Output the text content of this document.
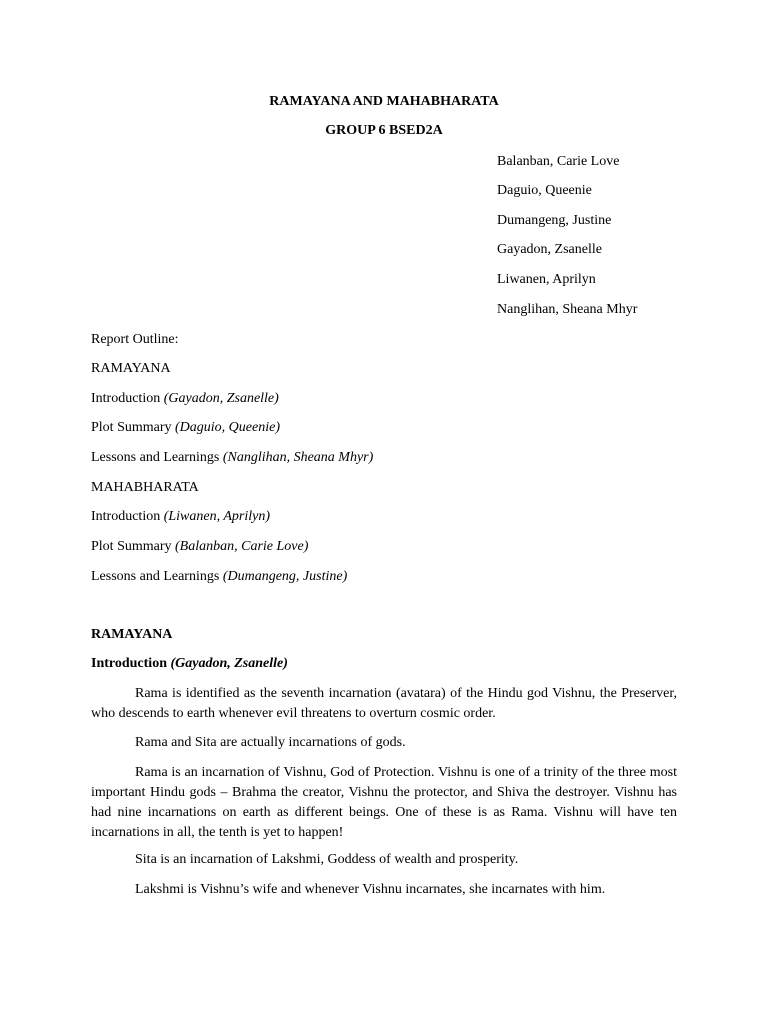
RAMAYANA AND MAHABHARATA
GROUP 6 BSED2A
Balanban, Carie Love
Daguio, Queenie
Dumangeng, Justine
Gayadon, Zsanelle
Liwanen, Aprilyn
Nanglihan, Sheana Mhyr
Report Outline:
RAMAYANA
Introduction (Gayadon, Zsanelle)
Plot Summary (Daguio, Queenie)
Lessons and Learnings (Nanglihan, Sheana Mhyr)
MAHABHARATA
Introduction (Liwanen, Aprilyn)
Plot Summary (Balanban, Carie Love)
Lessons and Learnings (Dumangeng, Justine)
RAMAYANA
Introduction (Gayadon, Zsanelle)
Rama is identified as the seventh incarnation (avatara) of the Hindu god Vishnu, the Preserver, who descends to earth whenever evil threatens to overturn cosmic order.
Rama and Sita are actually incarnations of gods.
Rama is an incarnation of Vishnu, God of Protection. Vishnu is one of a trinity of the three most important Hindu gods – Brahma the creator, Vishnu the protector, and Shiva the destroyer. Vishnu has had nine incarnations on earth as different beings. One of these is as Rama. Vishnu will have ten incarnations in all, the tenth is yet to happen!
Sita is an incarnation of Lakshmi, Goddess of wealth and prosperity.
Lakshmi is Vishnu’s wife and whenever Vishnu incarnates, she incarnates with him.
